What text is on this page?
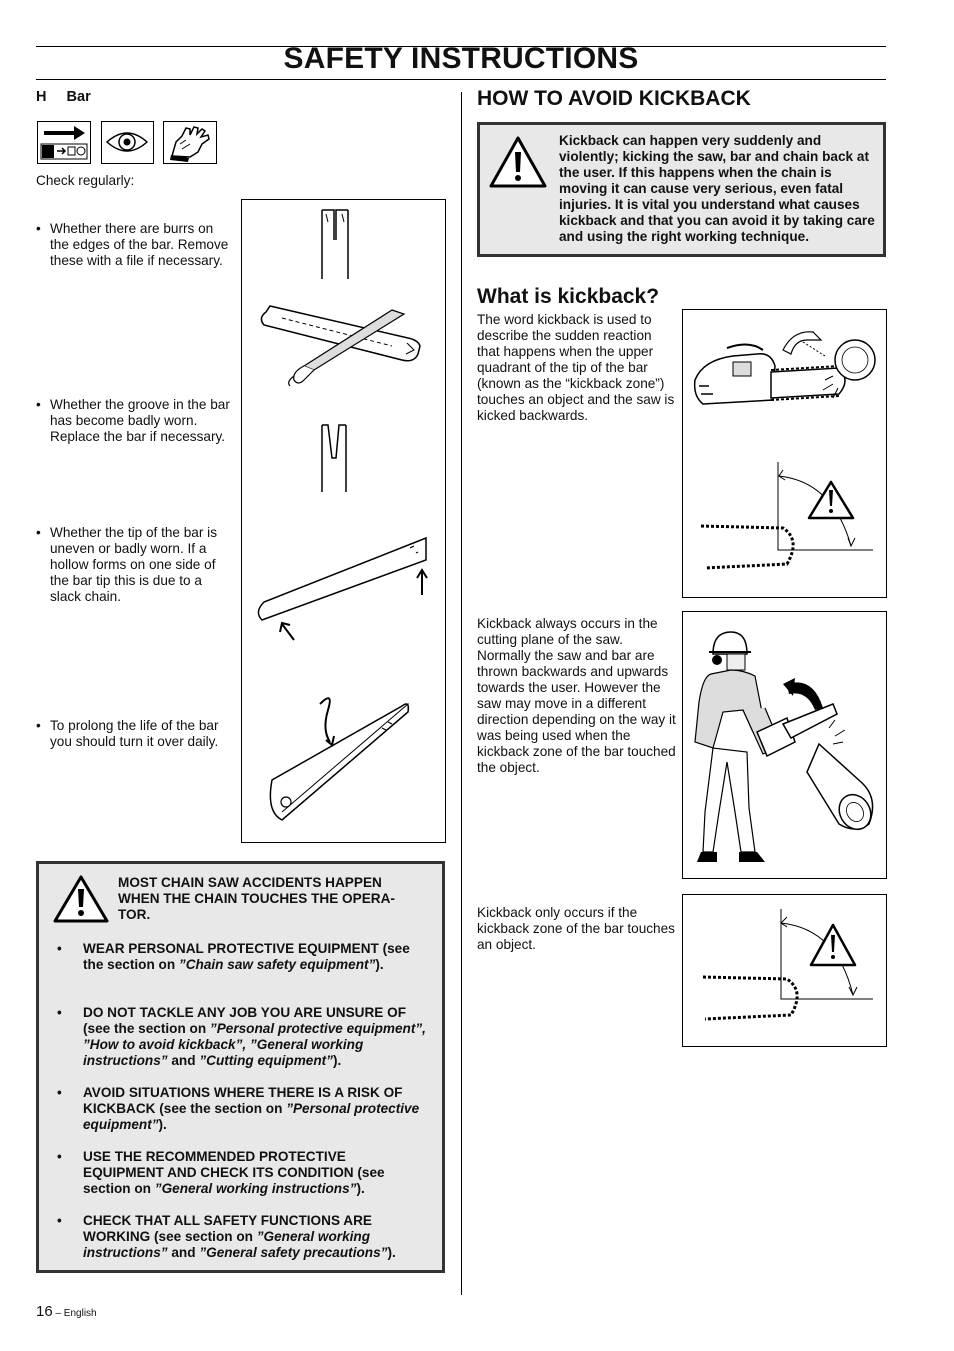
SAFETY INSTRUCTIONS
H Bar
Check regularly:
• Whether there are burrs on the edges of the bar. Remove these with a file if necessary.
• Whether the groove in the bar has become badly worn. Replace the bar if necessary.
• Whether the tip of the bar is uneven or badly worn. If a hollow forms on one side of the bar tip this is due to a slack chain.
• To prolong the life of the bar you should turn it over daily.
MOST CHAIN SAW ACCIDENTS HAPPEN WHEN THE CHAIN TOUCHES THE OPERA-TOR.
•	WEAR PERSONAL PROTECTIVE EQUIPMENT (see the section on ”Chain saw safety equipment”).
•	DO NOT TACKLE ANY JOB YOU ARE UNSURE OF (see the section on ”Personal protective equipment”, ”How to avoid kickback”, ”General working instructions” and ”Cutting equipment”).
•	AVOID SITUATIONS WHERE THERE IS A RISK OF KICKBACK (see the section on ”Personal protective equipment”).
•	USE THE RECOMMENDED PROTECTIVE EQUIPMENT AND CHECK ITS CONDITION (see section on ”General working instructions”).
•	CHECK THAT ALL SAFETY FUNCTIONS ARE WORKING (see section on ”General working instructions” and ”General safety precautions”).
HOW TO AVOID KICKBACK
Kickback can happen very suddenly and violently; kicking the saw, bar and chain back at the user. If this happens when the chain is moving it can cause very serious, even fatal injuries. It is vital you understand what causes kickback and that you can avoid it by taking care and using the right working technique.
What is kickback?
The word kickback is used to describe the sudden reaction that happens when the upper quadrant of the tip of the bar (known as the “kickback zone”) touches an object and the saw is kicked backwards.
Kickback always occurs in the cutting plane of the saw. Normally the saw and bar are thrown backwards and upwards towards the user. However the saw may move in a different direction depending on the way it was being used when the kickback zone of the bar touched the object.
Kickback only occurs if the kickback zone of the bar touches an object.
16 – English
